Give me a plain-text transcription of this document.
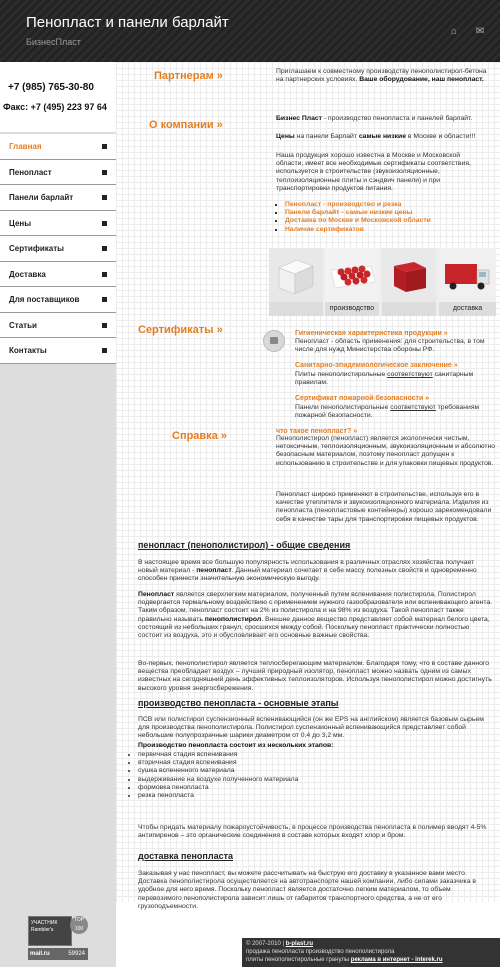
Пенопласт и панели барлайт
БизнесПласт
⌂ ✉
+7 (985) 765-30-80
Факс: +7 (495) 223 97 64
Главная
Пенопласт
Панели барлайт
Цены
Сертификаты
Доставка
Для поставщиков
Статьи
Контакты
УЧАСТНИК
Rambler's
TOP 100
mail.ru	59924
Партнерам »	Приглашаем к совместному производству пенополистирол-бетона на партнерских условиях. Ваше оборудование, наш пенопласт.
О компании »
Бизнес Пласт - производство пенопласта и панелей барлайт.
Цены на панели Барлайт самые низкие в Москве и области!!!
Наша продукция хорошо известна в Москве и Московской области, имеет все необходимые сертификаты соответствия, используется в строительстве (звукоизоляционные, теплоизоляционные плиты и сэндвич панели) и при транспортировки продуктов питания.
▪ Пенопласт - производство и резка
▪ Панели барлайт - самые низкие цены
▪ Доставка по Москве и Московской области
▪ Наличие сертификатов
производство	доставка
Сертификаты »	Гигиеническая характеристика продукции »
Пенопласт - область применения: для строительства, в том числе для нужд Министерства обороны РФ.
Санитарно-эпидемиологическое заключение »
Плиты пенополистирольные соответствуют санитарным правилам.
Сертификат пожарной безопасности »
Панели пенополистирольные соответствуют требованиям пожарной безопасности.
Справка »	что такое пенопласт? »
Пенополистирол (пенопласт) является экологически чистым, нетоксичным, теплоизоляционным, звукоизоляционным и абсолютно безопасным материалом, поэтому пенопласт допущен к использованию в строительстве и для упаковки пищевых продуктов.
Пенопласт широко применяют в строительстве, используя его в качестве утеплителя и звукоизоляционного материала. Изделия из пенопласта (пенопластовые контейнеры) хорошо зарекомендовали себя в качестве тары для транспортировки пищевых продуктов.
пенопласт (пенополистирол) - общие сведения
В настоящее время все большую популярность использования в различных отраслях хозяйства получает новый материал - пенопласт. Данный материал сочетает в себе массу полезных свойств и одновременно способен принести значительную экономическую выгоду.
Пенопласт является сверхлегким материалом, полученный путем вспенивания полистирола. Полистирол подвергается термальному воздействию с применением нужного газообразователя или вспенивающего агента. Таким образом, пенопласт состоит на 2% из полистирола и на 98% из воздуха. Такой пенопласт также правильно называть пенополистирол. Внешне данное вещество представляет собой материал белого цвета, состоящий из небольших гранул, сросшихся между собой. Поскольку пенопласт практически полностью состоит из воздуха, это и обусловливает его основные важные свойства.
Во-первых, пенополистирол является теплосберегающим материалом. Благодаря тому, что в составе данного вещества преобладает воздух – лучший природный изолятор, пенопласт можно назвать одним из самых известных на сегодняшний день эффективных теплоизоляторов. Используя пенополистирол можно достигнуть высокого уровня энергосбережения.
производство пенопласта - основные этапы
ПСВ или полистирол суспензионный вспенивающийся (он же EPS на английском) является базовым сырьем для производства пенополистирола. Полистирол суспензионный вспенивающийся представляет собой небольшие полупрозрачные шарики диаметром от 0,4 до 3,2 мм.
Производство пенопласта состоит из нескольких этапов:
• первичная стадия вспенивания
• вторичная стадия вспенивания
• сушка вспененного материала
• выдерживание на воздухе полученного материала
• формовка пенопласта
• резка пенопласта
Чтобы придать материалу пожароустойчивость, в процессе производства пенопласта в полимер вводят 4-5% антипиренов – это органические соединения в составе которых входят хлор и бром.
доставка пенопласта
Заказывая у нас пенопласт, вы можете рассчитывать на быструю его доставку в указанное вами место. Доставка пенополистирола осуществляется на автотранспорте нашей компании, либо силами заказчика в удобное для него время. Поскольку пенопласт является достаточно легким материалом, то объем перевозимого пенополистирола зависит лишь от габаритов транспортного средства, а не от его грузоподъемности.
© 2007-2010 | b-plast.ru
продажа пенопласта производство пенополистирола
плиты пенополистирольные гранулы реклама в интернет - interek.ru
